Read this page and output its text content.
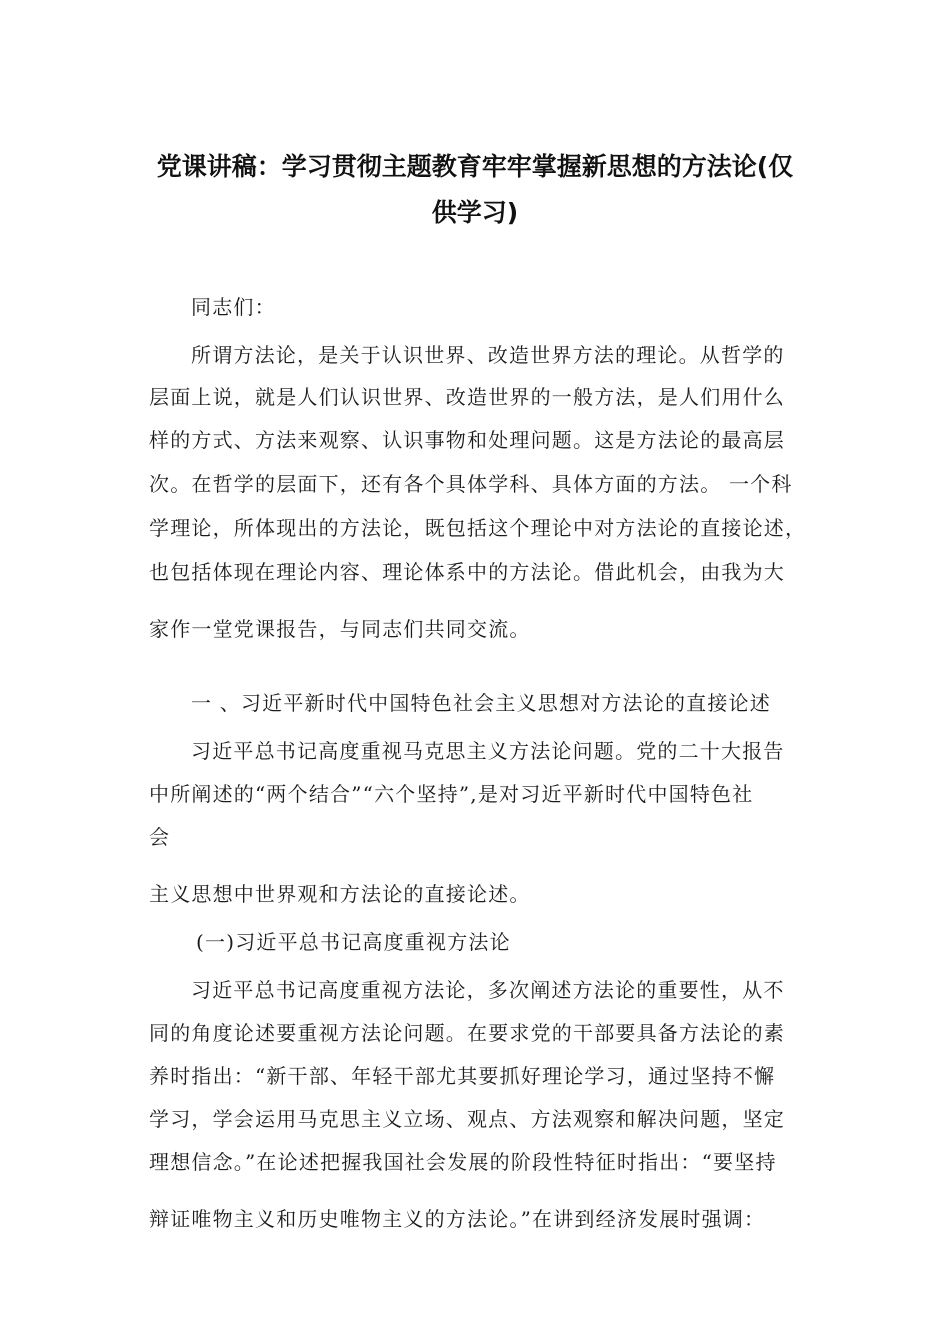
党课讲稿：学习贯彻主题教育牢牢掌握新思想的方法论(仅
供学习)
同志们：
所谓方法论，是关于认识世界、改造世界方法的理论。从哲学的
层面上说，就是人们认识世界、改造世界的一般方法，是人们用什么
样的方式、方法来观察、认识事物和处理问题。这是方法论的最高层
次。在哲学的层面下，还有各个具体学科、具体方面的方法。 一个科
学理论，所体现出的方法论，既包括这个理论中对方法论的直接论述，
也包括体现在理论内容、理论体系中的方法论。借此机会，由我为大
家作一堂党课报告，与同志们共同交流。
一 、习近平新时代中国特色社会主义思想对方法论的直接论述
习近平总书记高度重视马克思主义方法论问题。党的二十大报告
中所阐述的“两个结合”“六个坚持”,是对习近平新时代中国特色社
会
主义思想中世界观和方法论的直接论述。
(一)习近平总书记高度重视方法论
习近平总书记高度重视方法论，多次阐述方法论的重要性，从不
同的角度论述要重视方法论问题。在要求党的干部要具备方法论的素
养时指出：“新干部、年轻干部尤其要抓好理论学习，通过坚持不懈
学习，学会运用马克思主义立场、观点、方法观察和解决问题，坚定
理想信念。”在论述把握我国社会发展的阶段性特征时指出：“要坚持
辩证唯物主义和历史唯物主义的方法论。”在讲到经济发展时强调：
